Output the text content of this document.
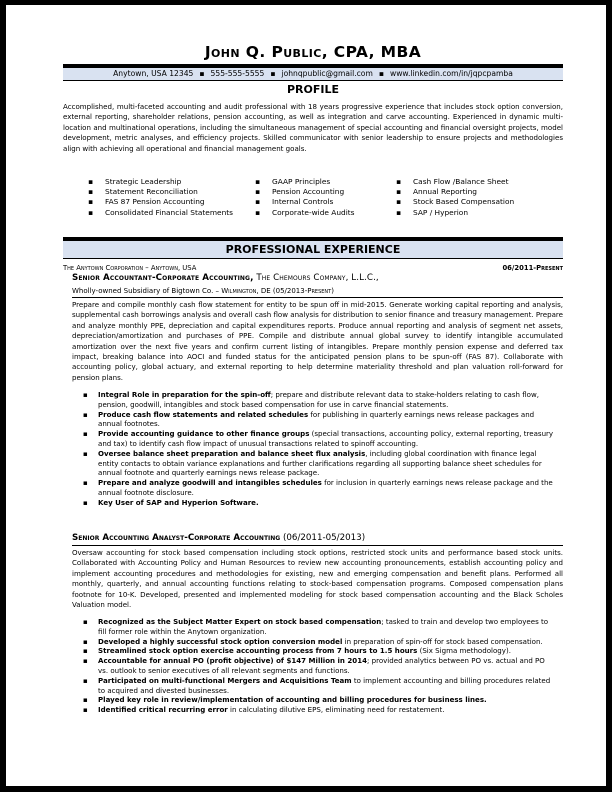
John Q. Public, CPA, MBA
Anytown, USA 12345 ▪ 555-555-5555 ▪ johnqpublic@gmail.com ▪ www.linkedin.com/in/jqpcpamba
PROFILE
Accomplished, multi-faceted accounting and audit professional with 18 years progressive experience that includes stock option conversion, external reporting, shareholder relations, pension accounting, as well as integration and carve accounting. Experienced in dynamic multi-location and multinational operations, including the simultaneous management of special accounting and financial oversight projects, model development, metric analyses, and efficiency projects. Skilled communicator with senior leadership to ensure projects and methodologies align with achieving all operational and financial management goals.
▪ Strategic Leadership
▪ Statement Reconciliation
▪ FAS 87 Pension Accounting
▪ Consolidated Financial Statements
▪ GAAP Principles
▪ Pension Accounting
▪ Internal Controls
▪ Corporate-wide Audits
▪ Cash Flow /Balance Sheet
▪ Annual Reporting
▪ Stock Based Compensation
▪ SAP / Hyperion
PROFESSIONAL EXPERIENCE
The Anytown Corporation – Anytown, USA	06/2011-Present
Senior Accountant-Corporate Accounting, The Chemours Company, L.L.C.,
Wholly-owned Subsidiary of Bigtown Co. – Wilmington, DE (05/2013-Present)
Prepare and compile monthly cash flow statement for entity to be spun off in mid-2015. Generate working capital reporting and analysis, supplemental cash borrowings analysis and overall cash flow analysis for distribution to senior finance and treasury management. Prepare and analyze monthly PPE, depreciation and capital expenditures reports. Produce annual reporting and analysis of segment net assets, depreciation/amortization and purchases of PPE. Compile and distribute annual global survey to identify intangible accumulated amortization over the next five years and confirm current listing of intangibles. Prepare monthly pension expense and deferred tax impact, breaking balance into AOCI and funded status for the anticipated pension plans to be spun-off (FAS 87). Collaborate with accounting policy, global actuary, and external reporting to help determine materiality threshold and plan valuation roll-forward for pension plans.
▪ Integral Role in preparation for the spin-off; prepare and distribute relevant data to stake-holders relating to cash flow, pension, goodwill, intangibles and stock based compensation for use in carve financial statements.
▪ Produce cash flow statements and related schedules for publishing in quarterly earnings news release packages and annual footnotes.
▪ Provide accounting guidance to other finance groups (special transactions, accounting policy, external reporting, treasury and tax) to identify cash flow impact of unusual transactions related to spinoff accounting.
▪ Oversee balance sheet preparation and balance sheet flux analysis, including global coordination with finance legal entity contacts to obtain variance explanations and further clarifications regarding all supporting balance sheet schedules for annual footnote and quarterly earnings news release package.
▪ Prepare and analyze goodwill and intangibles schedules for inclusion in quarterly earnings news release package and the annual footnote disclosure.
▪ Key User of SAP and Hyperion Software.
Senior Accounting Analyst-Corporate Accounting (06/2011-05/2013)
Oversaw accounting for stock based compensation including stock options, restricted stock units and performance based stock units. Collaborated with Accounting Policy and Human Resources to review new accounting pronouncements, establish accounting policy and implement accounting procedures and methodologies for existing, new and emerging compensation and benefit plans. Performed all monthly, quarterly, and annual accounting functions relating to stock-based compensation programs. Composed compensation plans footnote for 10-K. Developed, presented and implemented modeling for stock based compensation accounting and the Black Scholes Valuation model.
▪ Recognized as the Subject Matter Expert on stock based compensation; tasked to train and develop two employees to fill former role within the Anytown organization.
▪ Developed a highly successful stock option conversion model in preparation of spin-off for stock based compensation.
▪ Streamlined stock option exercise accounting process from 7 hours to 1.5 hours (Six Sigma methodology).
▪ Accountable for annual PO (profit objective) of $147 Million in 2014; provided analytics between PO vs. actual and PO vs. outlook to senior executives of all relevant segments and functions.
▪ Participated on multi-functional Mergers and Acquisitions Team to implement accounting and billing procedures related to acquired and divested businesses.
▪ Played key role in review/implementation of accounting and billing procedures for business lines.
▪ Identified critical recurring error in calculating dilutive EPS, eliminating need for restatement.
